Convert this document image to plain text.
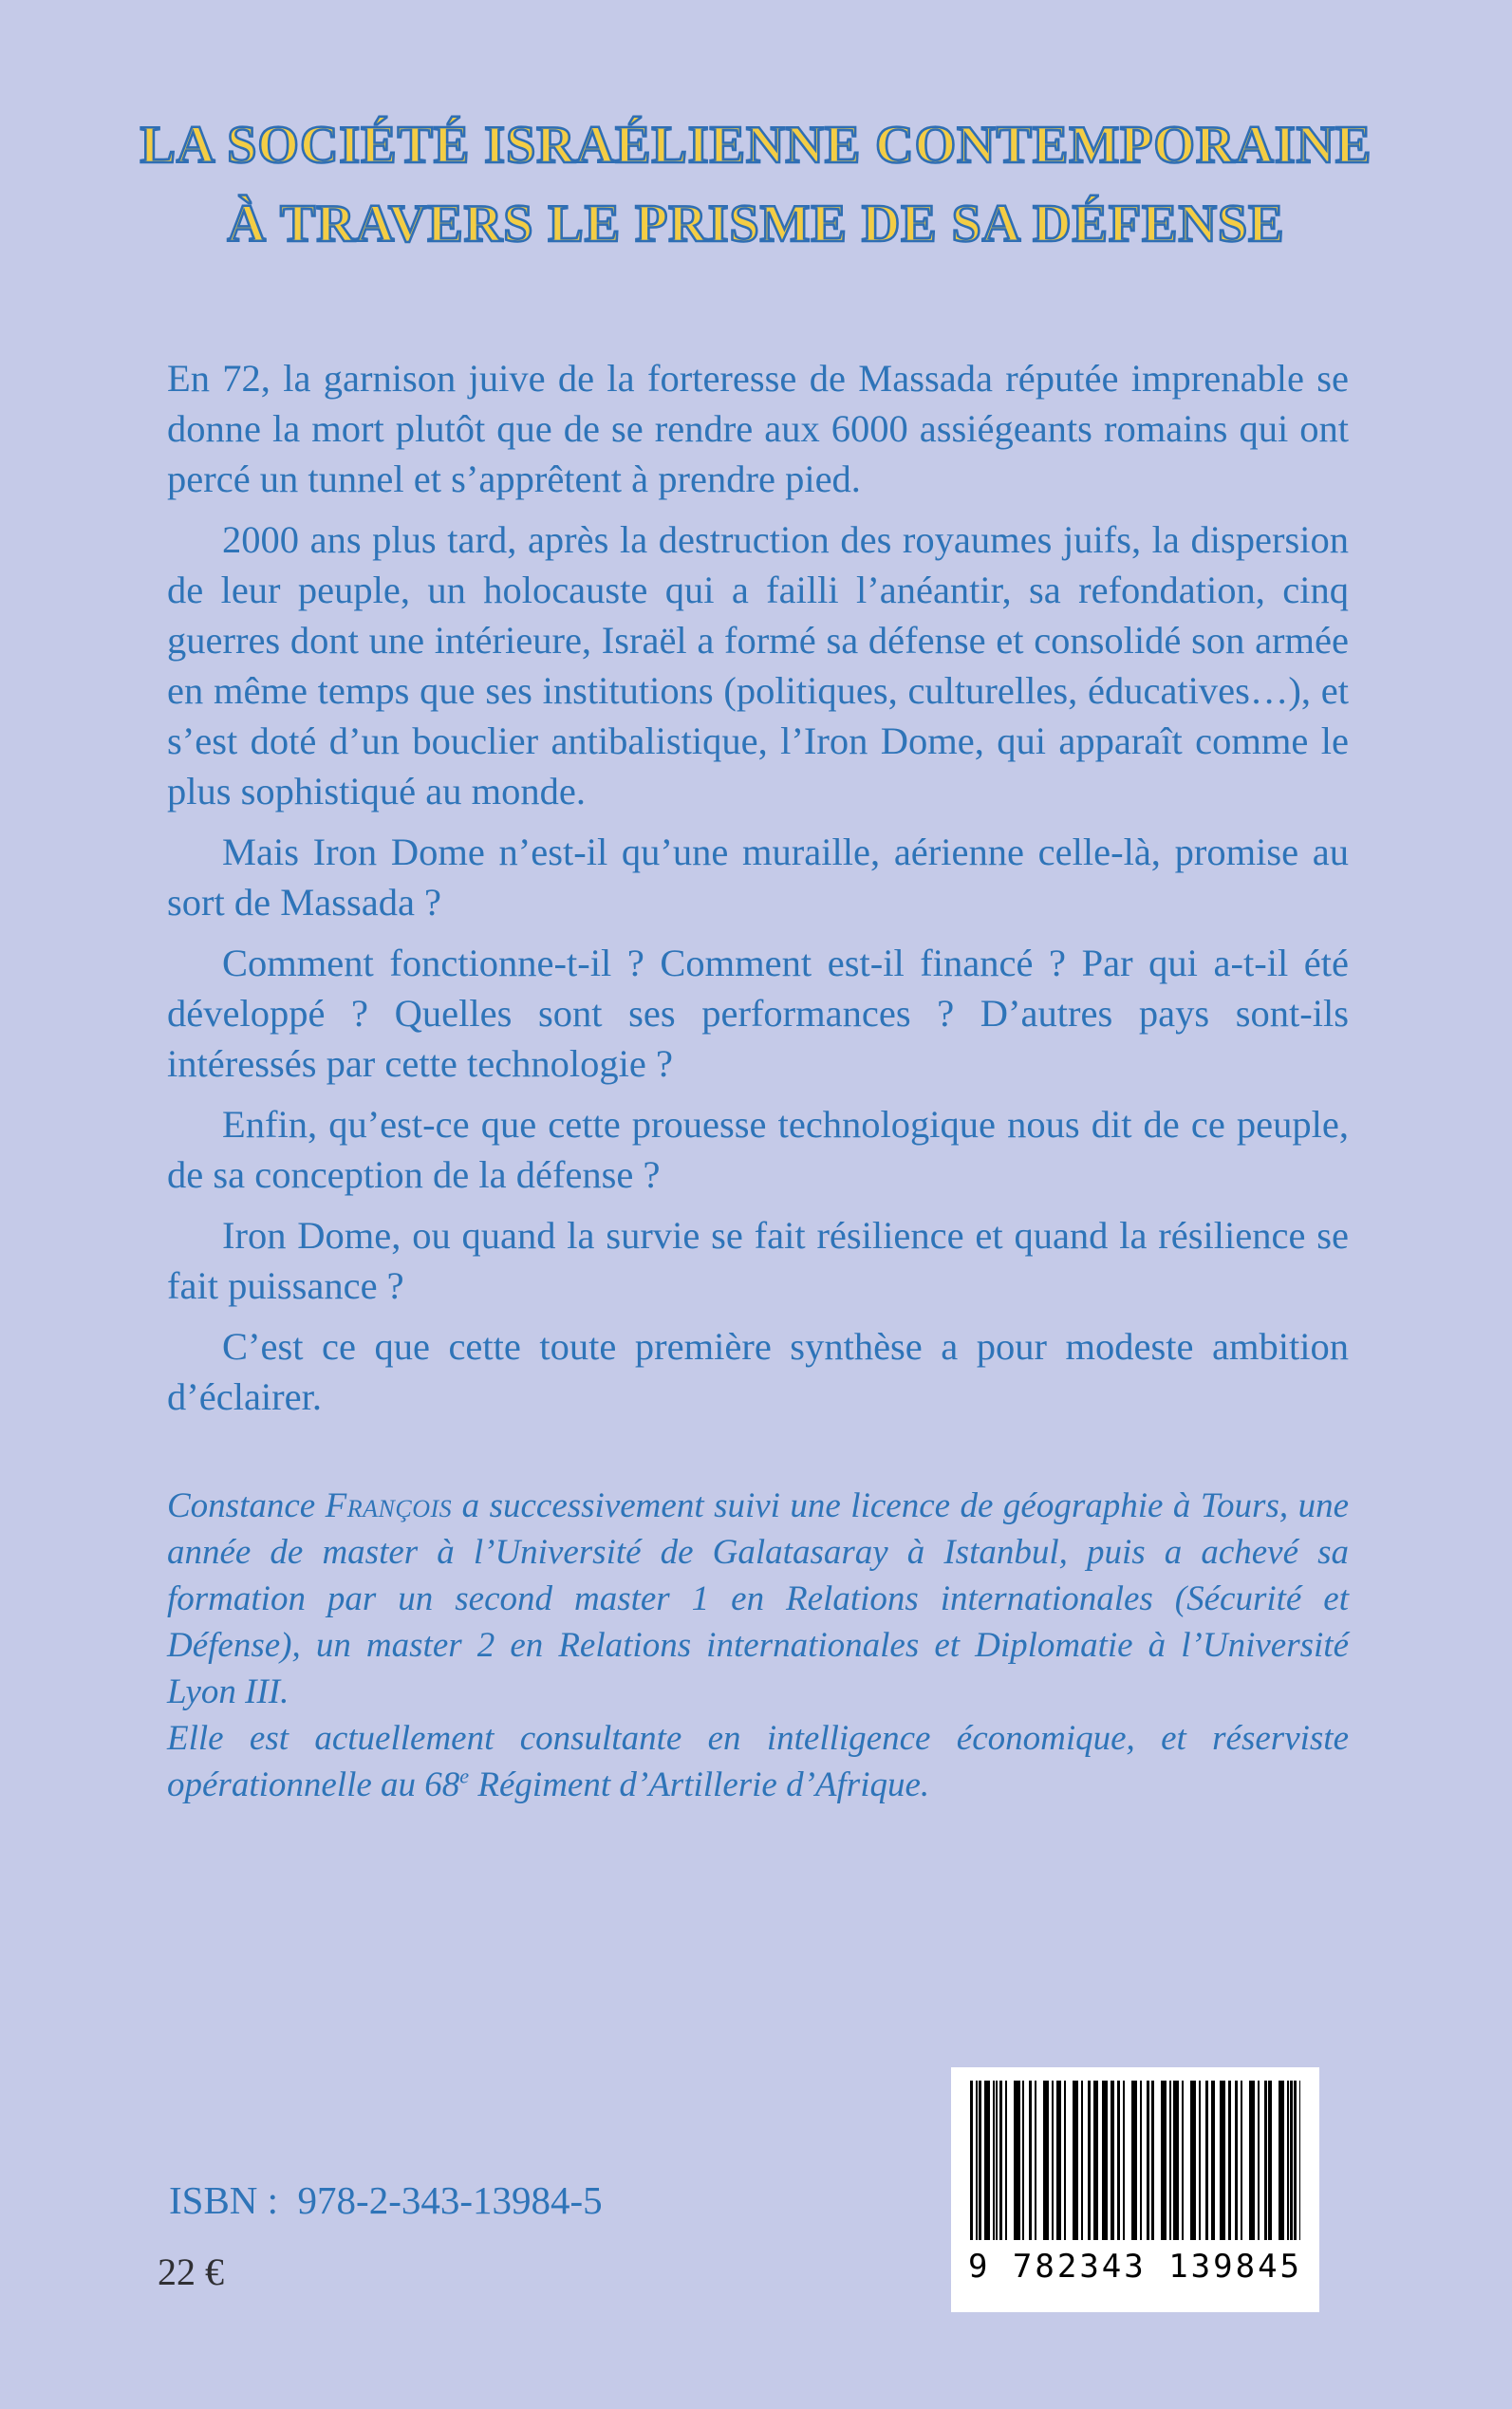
LA SOCIÉTÉ ISRAÉLIENNE CONTEMPORAINE
À TRAVERS LE PRISME DE SA DÉFENSE

En 72, la garnison juive de la forteresse de Massada réputée imprenable se donne la mort plutôt que de se rendre aux 6000 assiégeants romains qui ont percé un tunnel et s’apprêtent à prendre pied.

2000 ans plus tard, après la destruction des royaumes juifs, la dispersion de leur peuple, un holocauste qui a failli l’anéantir, sa refondation, cinq guerres dont une intérieure, Israël a formé sa défense et consolidé son armée en même temps que ses institutions (politiques, culturelles, éducatives…), et s’est doté d’un bouclier antibalistique, l’Iron Dome, qui apparaît comme le plus sophistiqué au monde.

Mais Iron Dome n’est-il qu’une muraille, aérienne celle-là, promise au sort de Massada ?

Comment fonctionne-t-il ? Comment est-il financé ? Par qui a-t-il été développé ? Quelles sont ses performances ? D’autres pays sont-ils intéressés par cette technologie ?

Enfin, qu’est-ce que cette prouesse technologique nous dit de ce peuple, de sa conception de la défense ?

Iron Dome, ou quand la survie se fait résilience et quand la résilience se fait puissance ?

C’est ce que cette toute première synthèse a pour modeste ambition d’éclairer.

Constance François a successivement suivi une licence de géographie à Tours, une année de master à l’Université de Galatasaray à Istanbul, puis a achevé sa formation par un second master 1 en Relations internationales (Sécurité et Défense), un master 2 en Relations internationales et Diplomatie à l’Université Lyon III.

Elle est actuellement consultante en intelligence économique, et réserviste opérationnelle au 68e Régiment d’Artillerie d’Afrique.

ISBN :  978-2-343-13984-5
22 €	9 782343 139845
